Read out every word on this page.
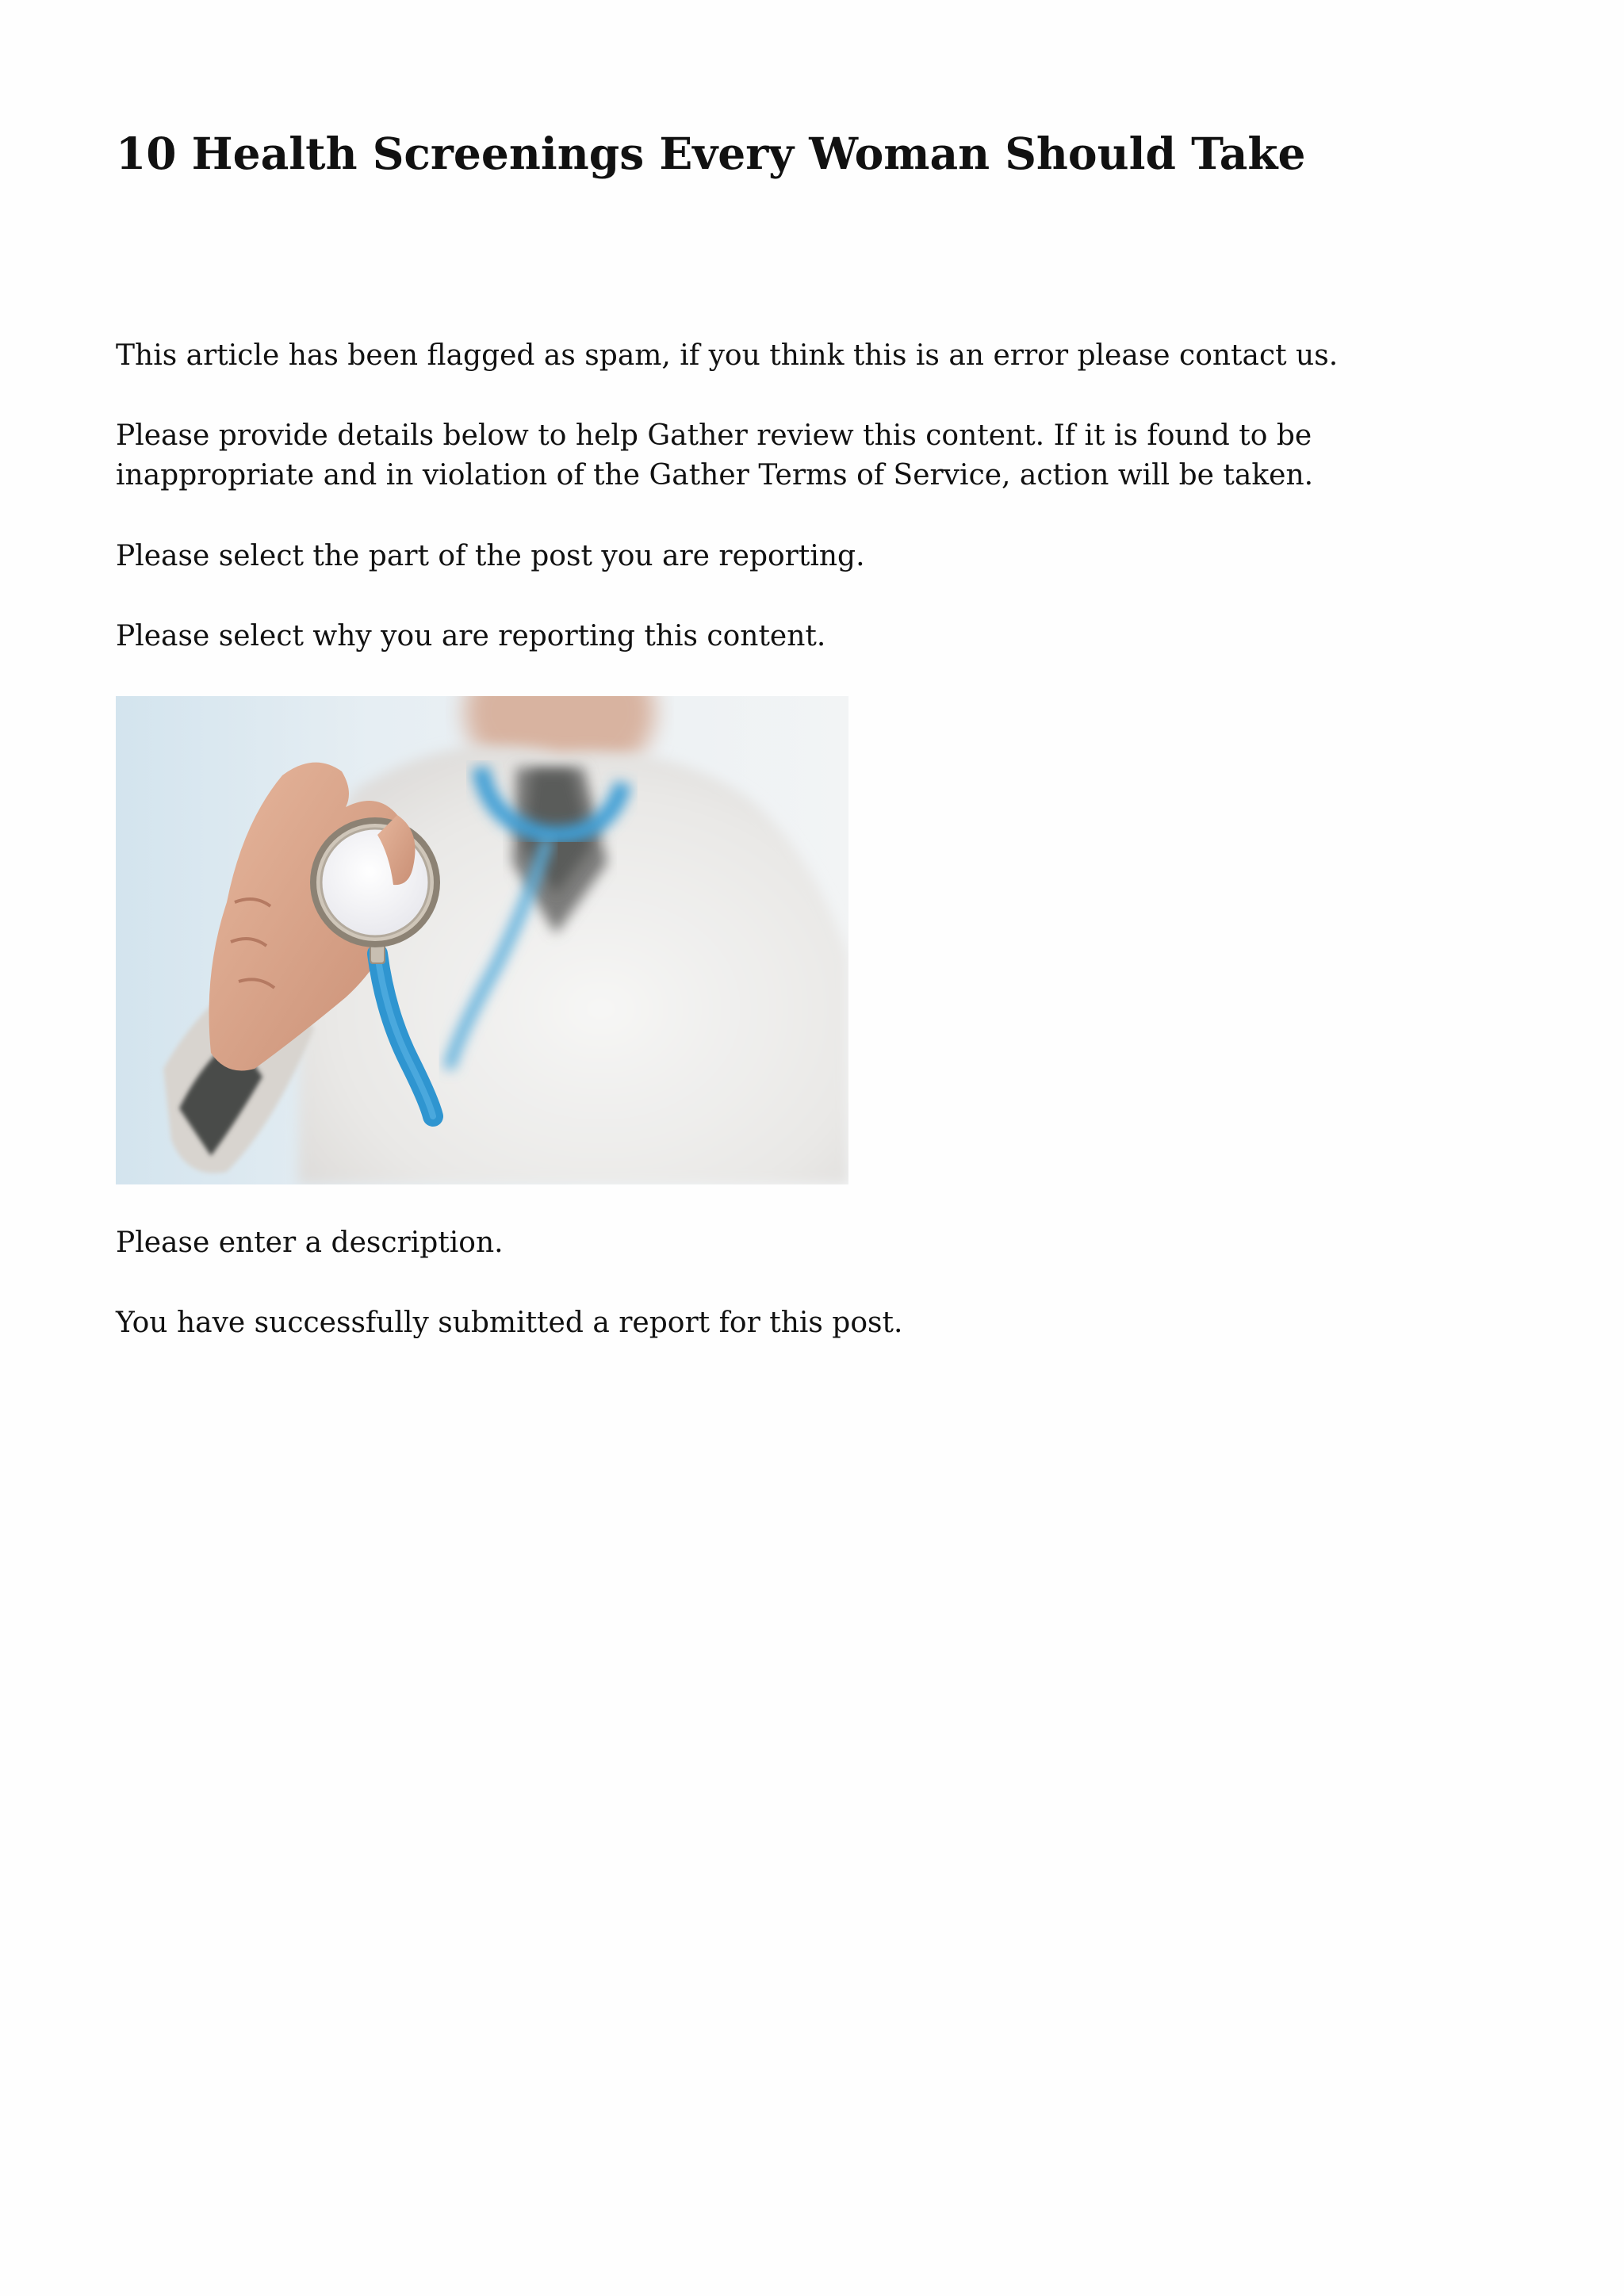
10 Health Screenings Every Woman Should Take

This article has been flagged as spam, if you think this is an error please contact us.

Please provide details below to help Gather review this content. If it is found to be inappropriate and in violation of the Gather Terms of Service, action will be taken.

Please select the part of the post you are reporting.

Please select why you are reporting this content.

Please enter a description.

You have successfully submitted a report for this post.
